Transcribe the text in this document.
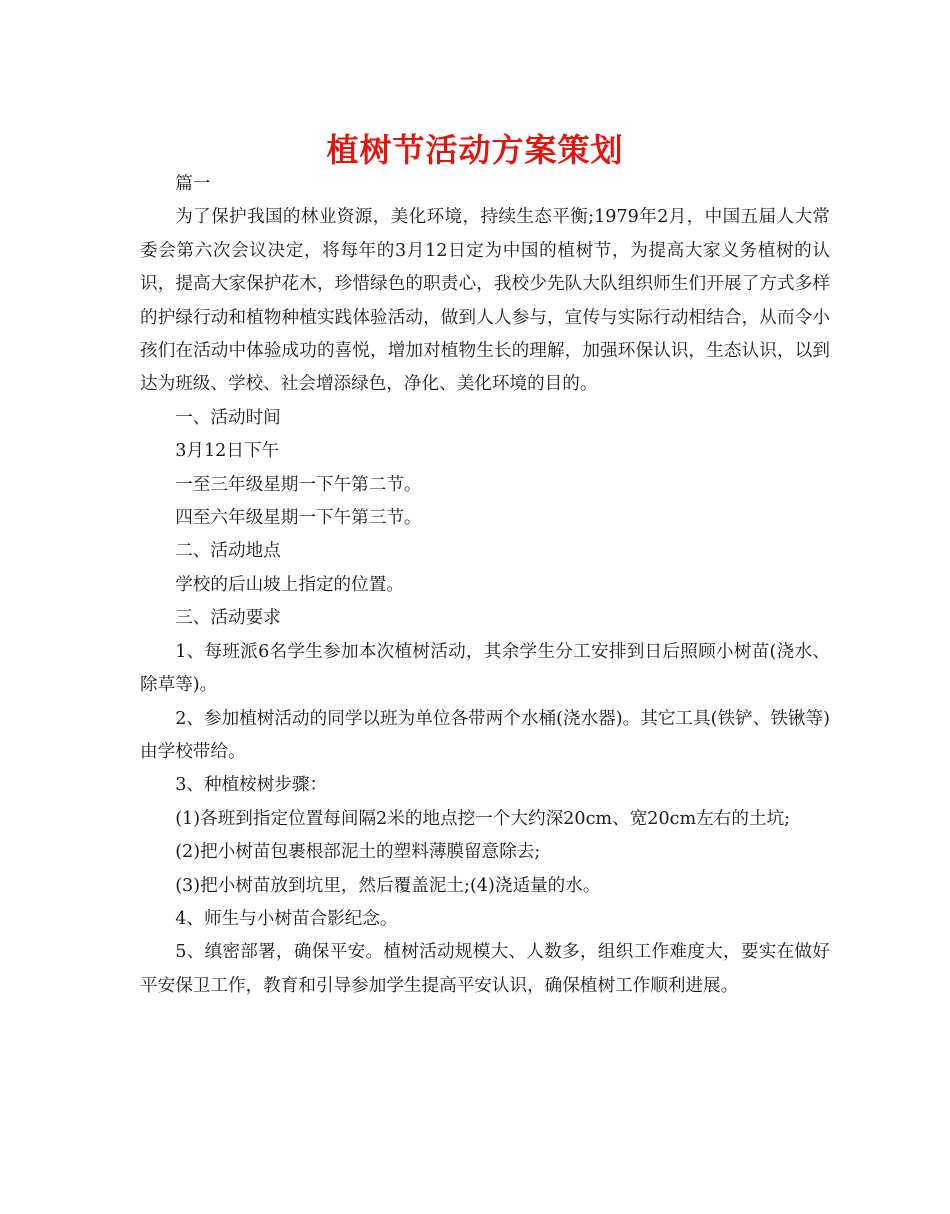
植树节活动方案策划

篇一

为了保护我国的林业资源，美化环境，持续生态平衡;1979年2月，中国五届人大常委会第六次会议决定，将每年的3月12日定为中国的植树节，为提高大家义务植树的认识，提高大家保护花木，珍惜绿色的职责心，我校少先队大队组织师生们开展了方式多样的护绿行动和植物种植实践体验活动，做到人人参与，宣传与实际行动相结合，从而令小孩们在活动中体验成功的喜悦，增加对植物生长的理解，加强环保认识，生态认识，以到达为班级、学校、社会增添绿色，净化、美化环境的目的。

一、活动时间

3月12日下午

一至三年级星期一下午第二节。

四至六年级星期一下午第三节。

二、活动地点

学校的后山坡上指定的位置。

三、活动要求

1、每班派6名学生参加本次植树活动，其余学生分工安排到日后照顾小树苗(浇水、除草等)。

2、参加植树活动的同学以班为单位各带两个水桶(浇水器)。其它工具(铁铲、铁锹等)由学校带给。

3、种植桉树步骤：

(1)各班到指定位置每间隔2米的地点挖一个大约深20cm、宽20cm左右的土坑;

(2)把小树苗包裹根部泥土的塑料薄膜留意除去;

(3)把小树苗放到坑里，然后覆盖泥土;(4)浇适量的水。

4、师生与小树苗合影纪念。

5、缜密部署，确保平安。植树活动规模大、人数多，组织工作难度大，要实在做好平安保卫工作，教育和引导参加学生提高平安认识，确保植树工作顺利进展。
